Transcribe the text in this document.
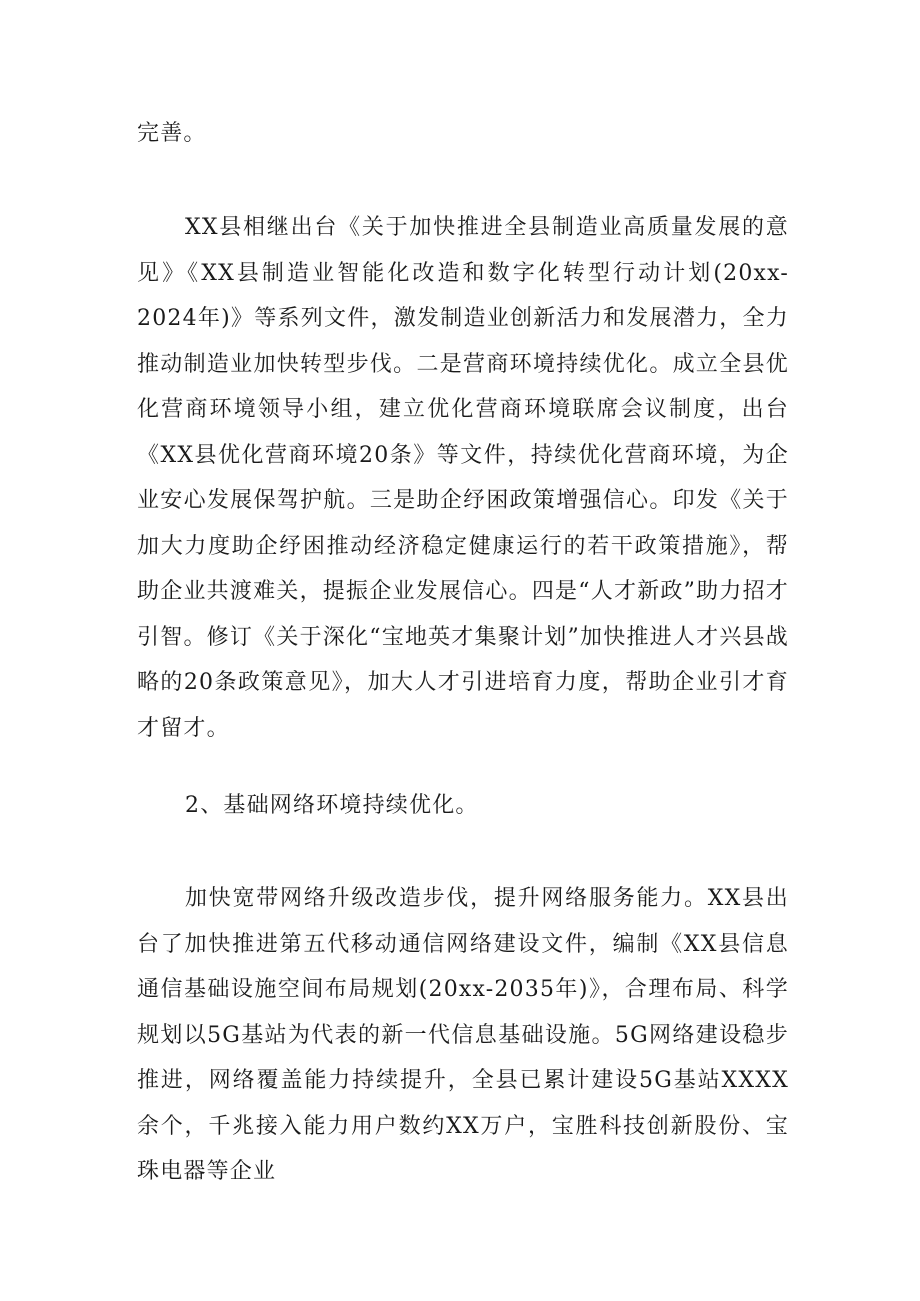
完善。

XX县相继出台《关于加快推进全县制造业高质量发展的意见》《XX县制造业智能化改造和数字化转型行动计划(20xx-2024年)》等系列文件，激发制造业创新活力和发展潜力，全力推动制造业加快转型步伐。二是营商环境持续优化。成立全县优化营商环境领导小组，建立优化营商环境联席会议制度，出台《XX县优化营商环境20条》等文件，持续优化营商环境，为企业安心发展保驾护航。三是助企纾困政策增强信心。印发《关于加大力度助企纾困推动经济稳定健康运行的若干政策措施》，帮助企业共渡难关，提振企业发展信心。四是“人才新政”助力招才引智。修订《关于深化“宝地英才集聚计划”加快推进人才兴县战略的20条政策意见》，加大人才引进培育力度，帮助企业引才育才留才。

2、基础网络环境持续优化。

加快宽带网络升级改造步伐，提升网络服务能力。XX县出台了加快推进第五代移动通信网络建设文件，编制《XX县信息通信基础设施空间布局规划(20xx-2035年)》，合理布局、科学规划以5G基站为代表的新一代信息基础设施。5G网络建设稳步推进，网络覆盖能力持续提升，全县已累计建设5G基站XXXX余个，千兆接入能力用户数约XX万户，宝胜科技创新股份、宝珠电器等企业
